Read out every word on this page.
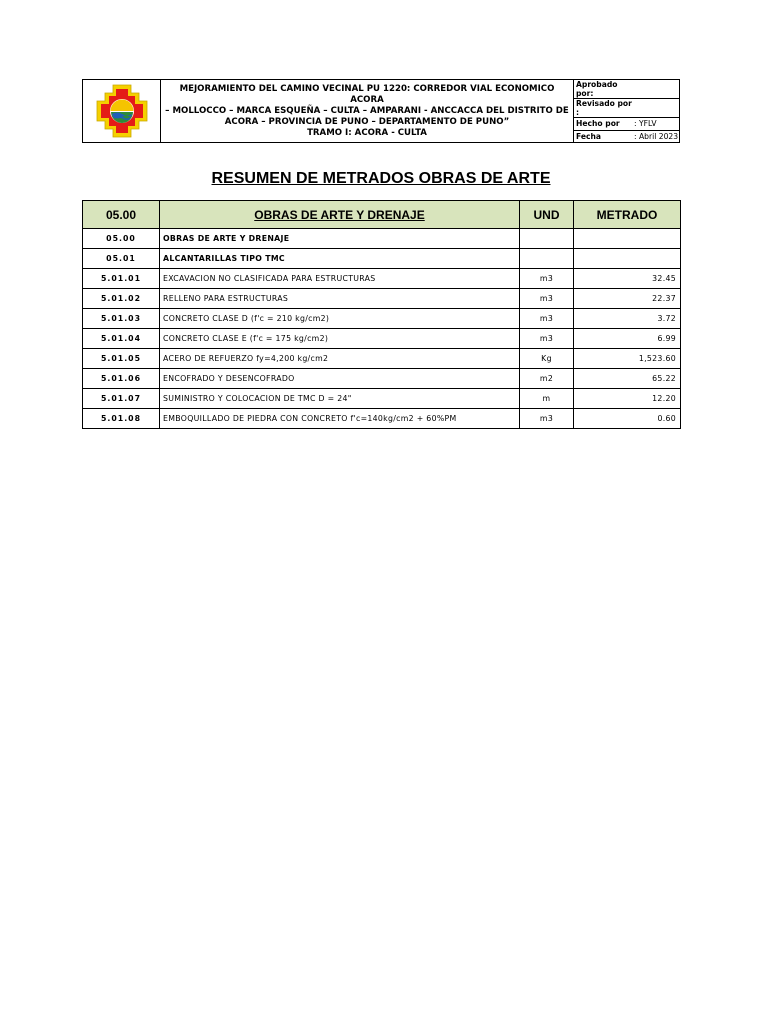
MEJORAMIENTO DEL CAMINO VECINAL PU 1220: CORREDOR VIAL ECONOMICO ACORA
– MOLLOCCO – MARCA ESQUEÑA – CULTA – AMPARANI - ANCCACCA DEL DISTRITO DE
ACORA – PROVINCIA DE PUNO – DEPARTAMENTO DE PUNO”
TRAMO I: ACORA - CULTA
Aprobado por:
Revisado por :
Hecho por	: YFLV
Fecha	: Abril 2023
RESUMEN DE METRADOS OBRAS DE ARTE
05.00	OBRAS DE ARTE Y DRENAJE	UND	METRADO
05.00	OBRAS DE ARTE Y DRENAJE		
05.01	ALCANTARILLAS TIPO TMC		
5.01.01	EXCAVACION NO CLASIFICADA PARA ESTRUCTURAS	m3	32.45
5.01.02	RELLENO PARA ESTRUCTURAS	m3	22.37
5.01.03	CONCRETO CLASE D (f'c = 210 kg/cm2)	m3	3.72
5.01.04	CONCRETO CLASE E (f'c = 175 kg/cm2)	m3	6.99
5.01.05	ACERO DE REFUERZO fy=4,200 kg/cm2	Kg	1,523.60
5.01.06	ENCOFRADO Y DESENCOFRADO	m2	65.22
5.01.07	SUMINISTRO Y COLOCACION DE TMC D = 24"	m	12.20
5.01.08	EMBOQUILLADO DE PIEDRA CON CONCRETO f'c=140kg/cm2 + 60%PM	m3	0.60
